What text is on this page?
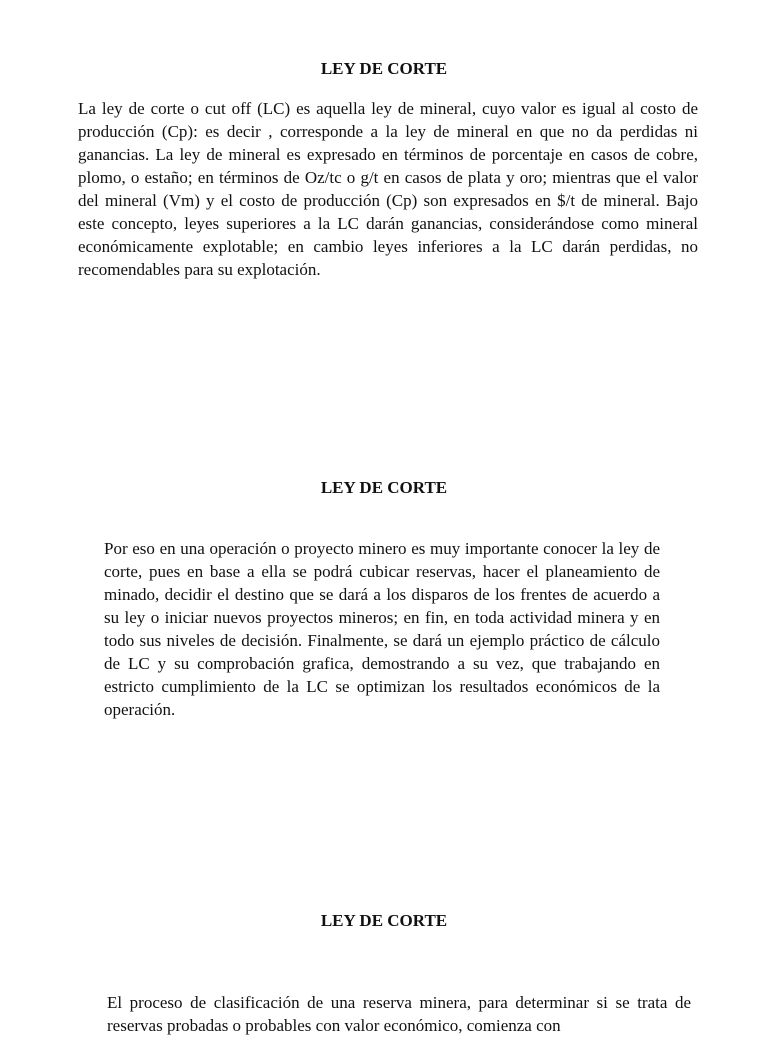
LEY DE CORTE

La ley de corte o cut off (LC) es aquella ley de mineral, cuyo valor es igual al costo de producción (Cp): es decir , corresponde a la ley de mineral en que no da perdidas ni ganancias. La ley de mineral es expresado en términos de porcentaje en casos de cobre, plomo, o estaño; en términos de Oz/tc o g/t en casos de plata y oro; mientras que el valor del mineral (Vm) y el costo de producción (Cp) son expresados en $/t de mineral. Bajo este concepto, leyes superiores a la LC darán ganancias, considerándose como mineral económicamente explotable; en cambio leyes inferiores a la LC darán perdidas, no recomendables para su explotación.

LEY DE CORTE

Por eso en una operación o proyecto minero es muy importante conocer la ley de corte, pues en base a ella se podrá cubicar reservas, hacer el planeamiento de minado, decidir el destino que se dará a los disparos de los frentes de acuerdo a su ley o iniciar nuevos proyectos mineros; en fin, en toda actividad minera y en todo sus niveles de decisión. Finalmente, se dará un ejemplo práctico de cálculo de LC y su comprobación grafica, demostrando a su vez, que trabajando en estricto cumplimiento de la LC se optimizan los resultados económicos de la operación.

LEY DE CORTE

El proceso de clasificación de una reserva minera, para determinar si se trata de reservas probadas o probables con valor económico, comienza con
